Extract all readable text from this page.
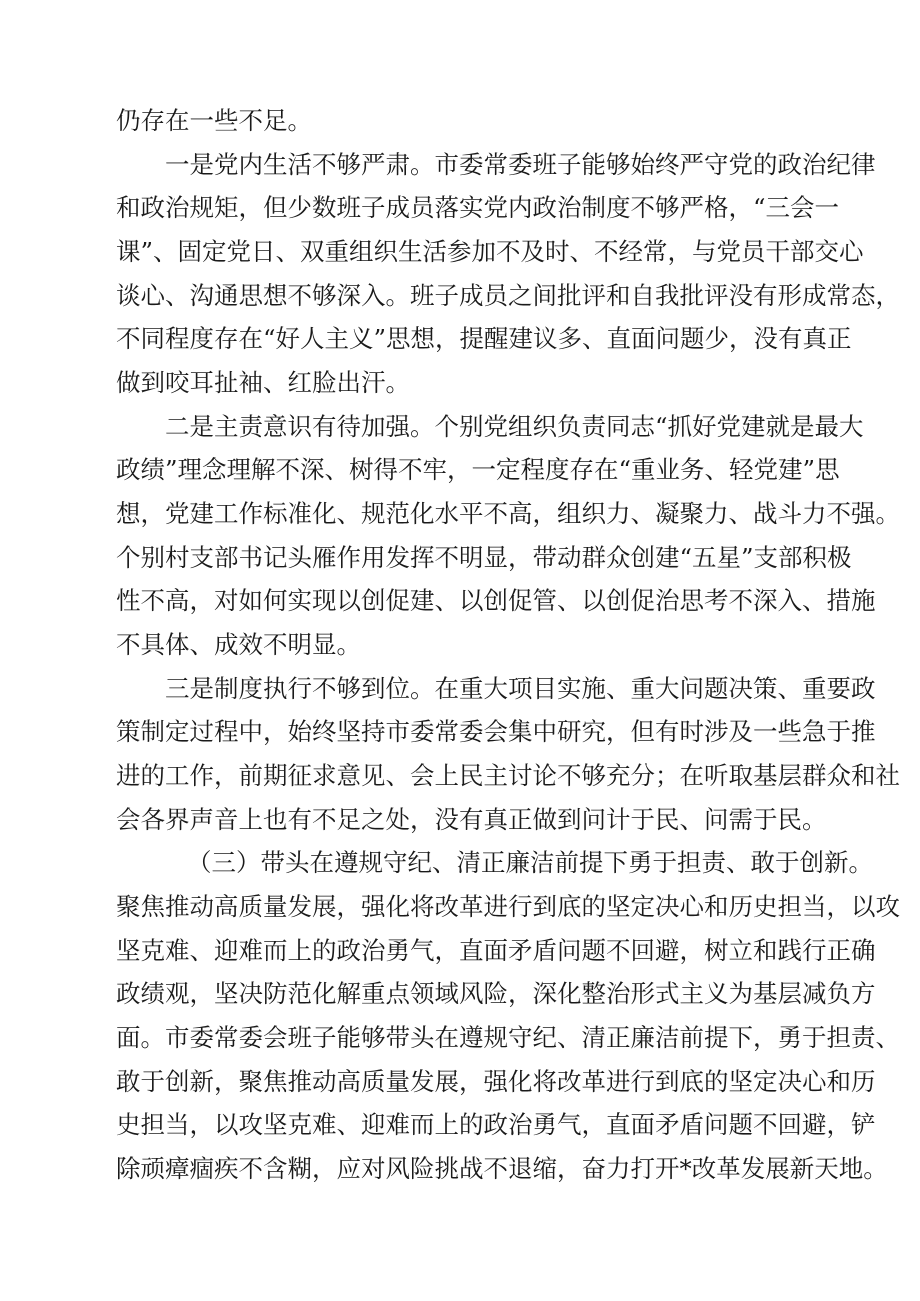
仍存在一些不足。
一是党内生活不够严肃。市委常委班子能够始终严守党的政治纪律
和政治规矩，但少数班子成员落实党内政治制度不够严格，“三会一
课”、固定党日、双重组织生活参加不及时、不经常，与党员干部交心
谈心、沟通思想不够深入。班子成员之间批评和自我批评没有形成常态，
不同程度存在“好人主义”思想，提醒建议多、直面问题少，没有真正
做到咬耳扯袖、红脸出汗。
二是主责意识有待加强。个别党组织负责同志“抓好党建就是最大
政绩”理念理解不深、树得不牢，一定程度存在“重业务、轻党建”思
想，党建工作标准化、规范化水平不高，组织力、凝聚力、战斗力不强。
个别村支部书记头雁作用发挥不明显，带动群众创建“五星”支部积极
性不高，对如何实现以创促建、以创促管、以创促治思考不深入、措施
不具体、成效不明显。
三是制度执行不够到位。在重大项目实施、重大问题决策、重要政
策制定过程中，始终坚持市委常委会集中研究，但有时涉及一些急于推
进的工作，前期征求意见、会上民主讨论不够充分；在听取基层群众和社
会各界声音上也有不足之处，没有真正做到问计于民、问需于民。
（三）带头在遵规守纪、清正廉洁前提下勇于担责、敢于创新。
聚焦推动高质量发展，强化将改革进行到底的坚定决心和历史担当，以攻
坚克难、迎难而上的政治勇气，直面矛盾问题不回避，树立和践行正确
政绩观，坚决防范化解重点领域风险，深化整治形式主义为基层减负方
面。市委常委会班子能够带头在遵规守纪、清正廉洁前提下，勇于担责、
敢于创新，聚焦推动高质量发展，强化将改革进行到底的坚定决心和历
史担当，以攻坚克难、迎难而上的政治勇气，直面矛盾问题不回避，铲
除顽瘴痼疾不含糊，应对风险挑战不退缩，奋力打开*改革发展新天地。
